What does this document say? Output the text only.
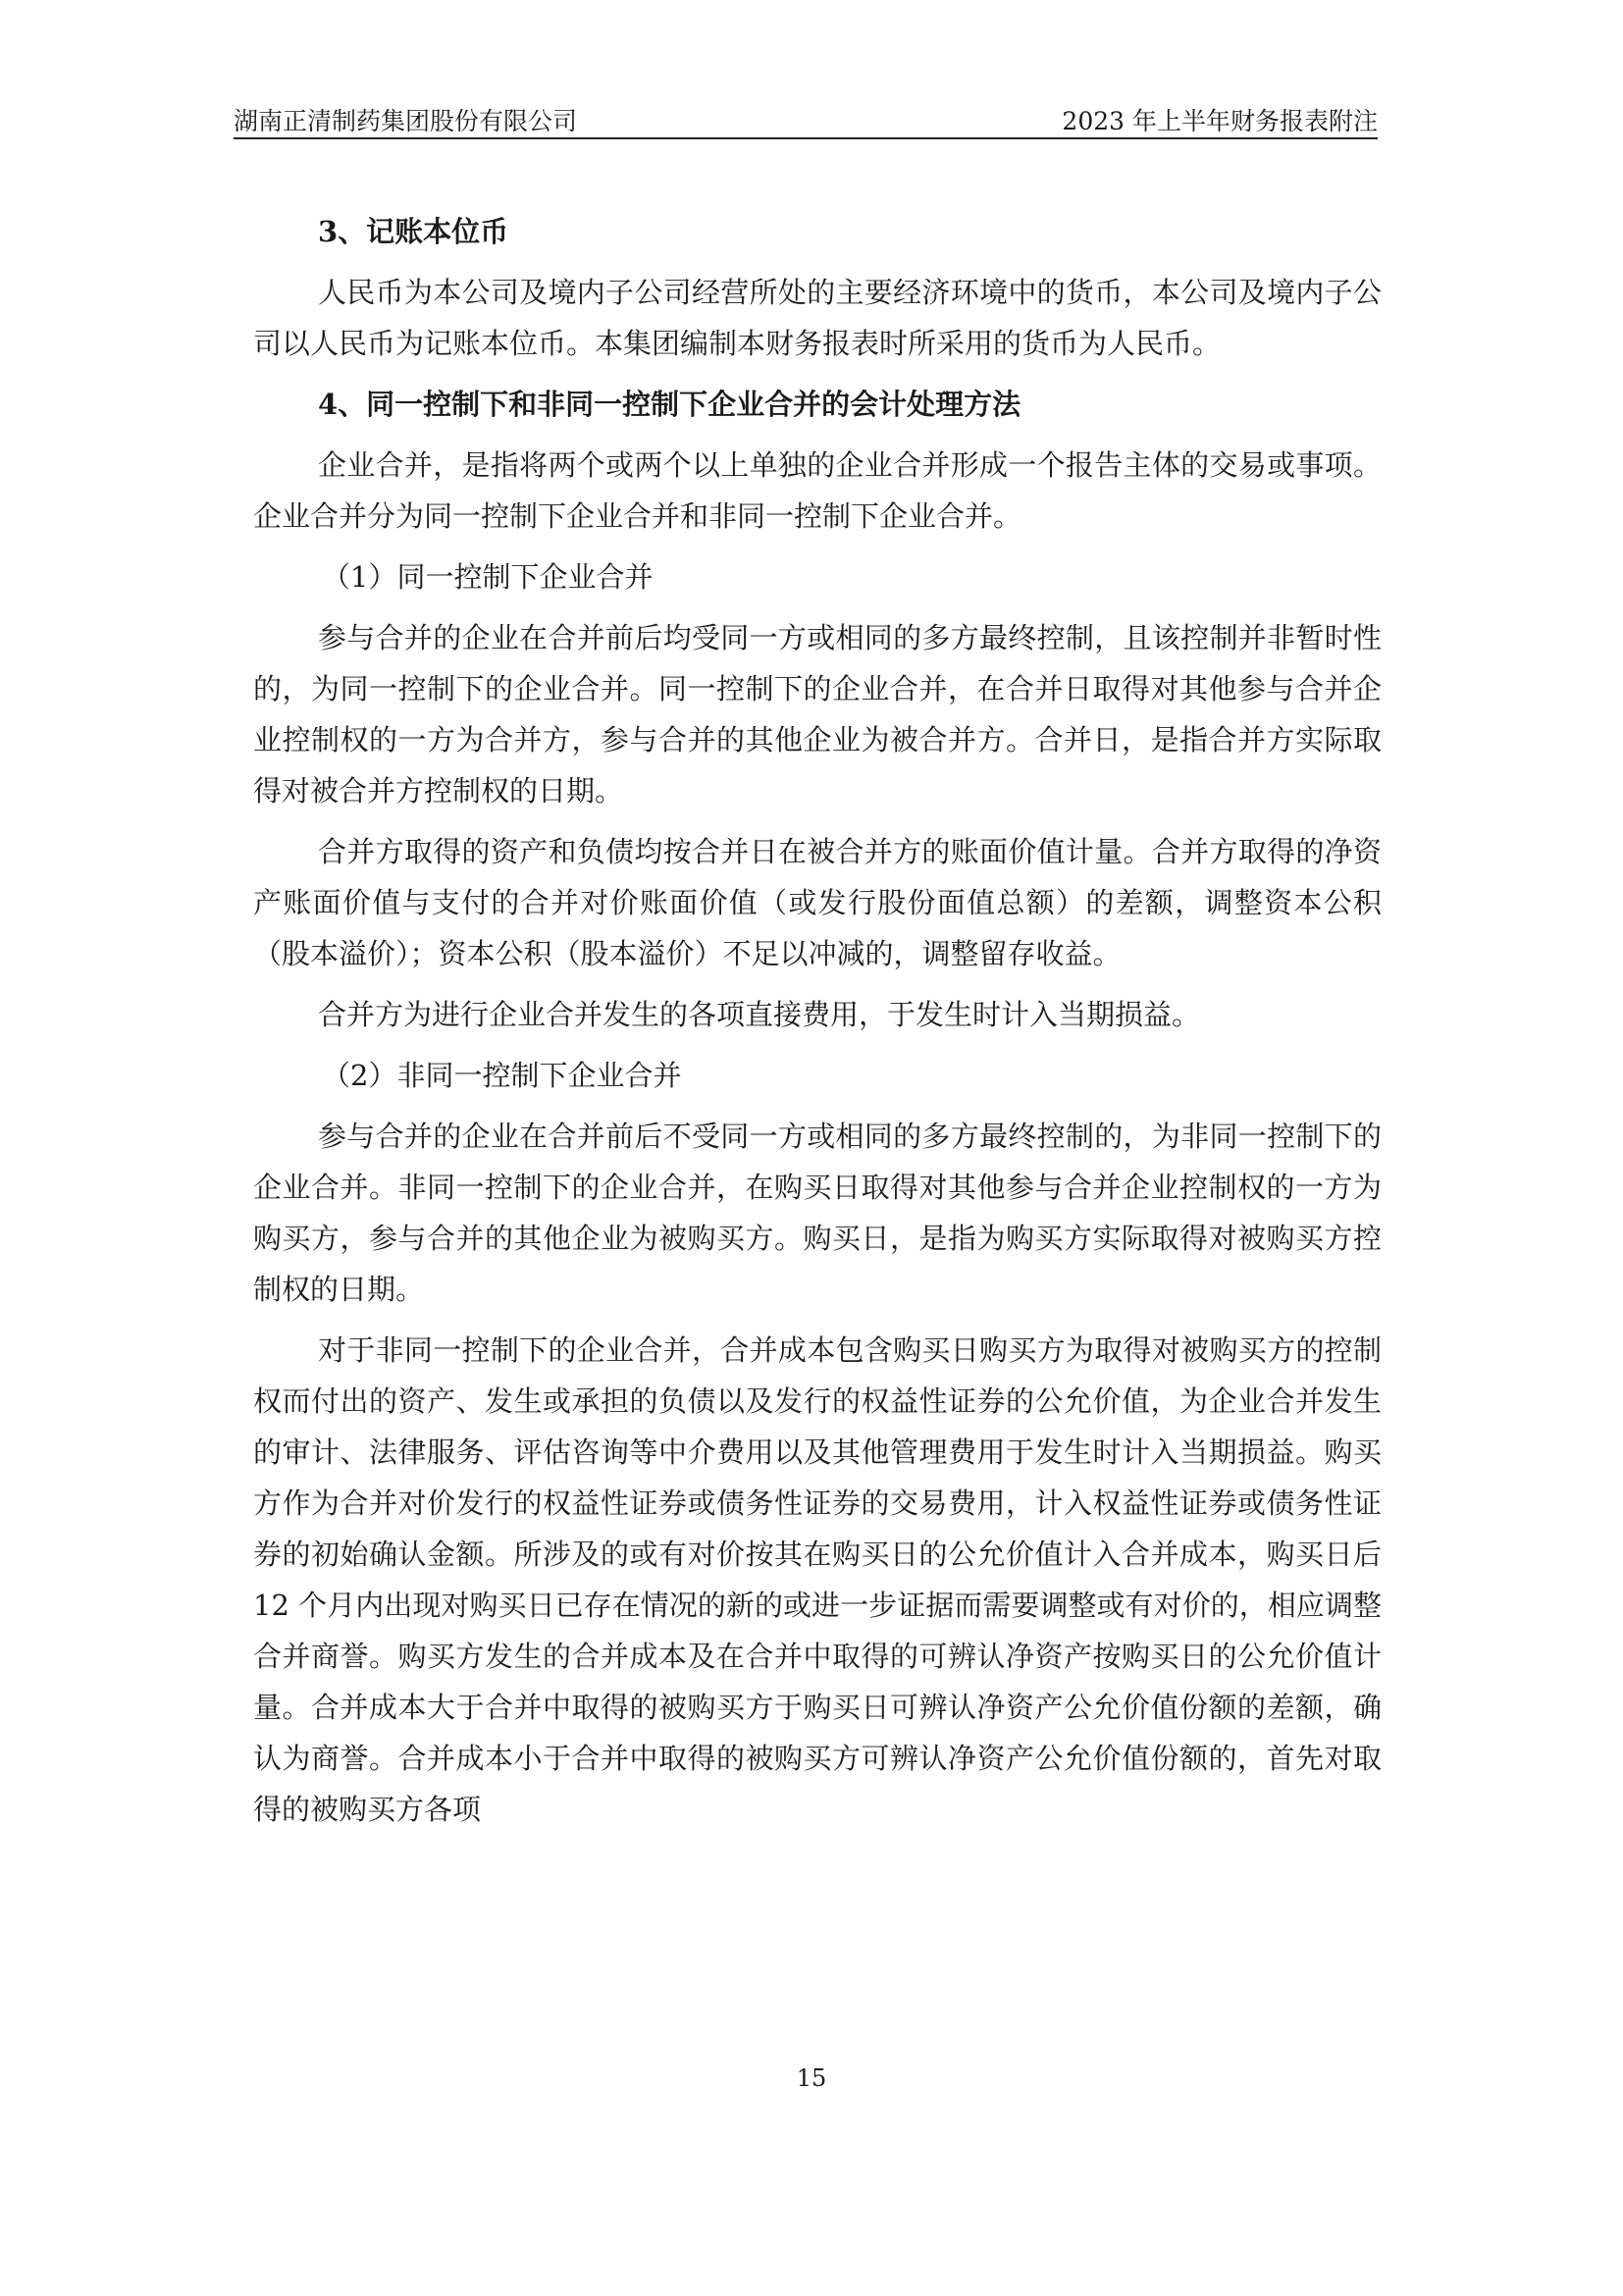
湖南正清制药集团股份有限公司	2023 年上半年财务报表附注
3、记账本位币

人民币为本公司及境内子公司经营所处的主要经济环境中的货币，本公司及境内子公司以人民币为记账本位币。本集团编制本财务报表时所采用的货币为人民币。

4、同一控制下和非同一控制下企业合并的会计处理方法

企业合并，是指将两个或两个以上单独的企业合并形成一个报告主体的交易或事项。企业合并分为同一控制下企业合并和非同一控制下企业合并。

（1）同一控制下企业合并

参与合并的企业在合并前后均受同一方或相同的多方最终控制，且该控制并非暂时性的，为同一控制下的企业合并。同一控制下的企业合并，在合并日取得对其他参与合并企业控制权的一方为合并方，参与合并的其他企业为被合并方。合并日，是指合并方实际取得对被合并方控制权的日期。

合并方取得的资产和负债均按合并日在被合并方的账面价值计量。合并方取得的净资产账面价值与支付的合并对价账面价值（或发行股份面值总额）的差额，调整资本公积（股本溢价）；资本公积（股本溢价）不足以冲减的，调整留存收益。

合并方为进行企业合并发生的各项直接费用，于发生时计入当期损益。

（2）非同一控制下企业合并

参与合并的企业在合并前后不受同一方或相同的多方最终控制的，为非同一控制下的企业合并。非同一控制下的企业合并，在购买日取得对其他参与合并企业控制权的一方为购买方，参与合并的其他企业为被购买方。购买日，是指为购买方实际取得对被购买方控制权的日期。

对于非同一控制下的企业合并，合并成本包含购买日购买方为取得对被购买方的控制权而付出的资产、发生或承担的负债以及发行的权益性证券的公允价值，为企业合并发生的审计、法律服务、评估咨询等中介费用以及其他管理费用于发生时计入当期损益。购买方作为合并对价发行的权益性证券或债务性证券的交易费用，计入权益性证券或债务性证券的初始确认金额。所涉及的或有对价按其在购买日的公允价值计入合并成本，购买日后 12 个月内出现对购买日已存在情况的新的或进一步证据而需要调整或有对价的，相应调整合并商誉。购买方发生的合并成本及在合并中取得的可辨认净资产按购买日的公允价值计量。合并成本大于合并中取得的被购买方于购买日可辨认净资产公允价值份额的差额，确认为商誉。合并成本小于合并中取得的被购买方可辨认净资产公允价值份额的，首先对取得的被购买方各项

15
